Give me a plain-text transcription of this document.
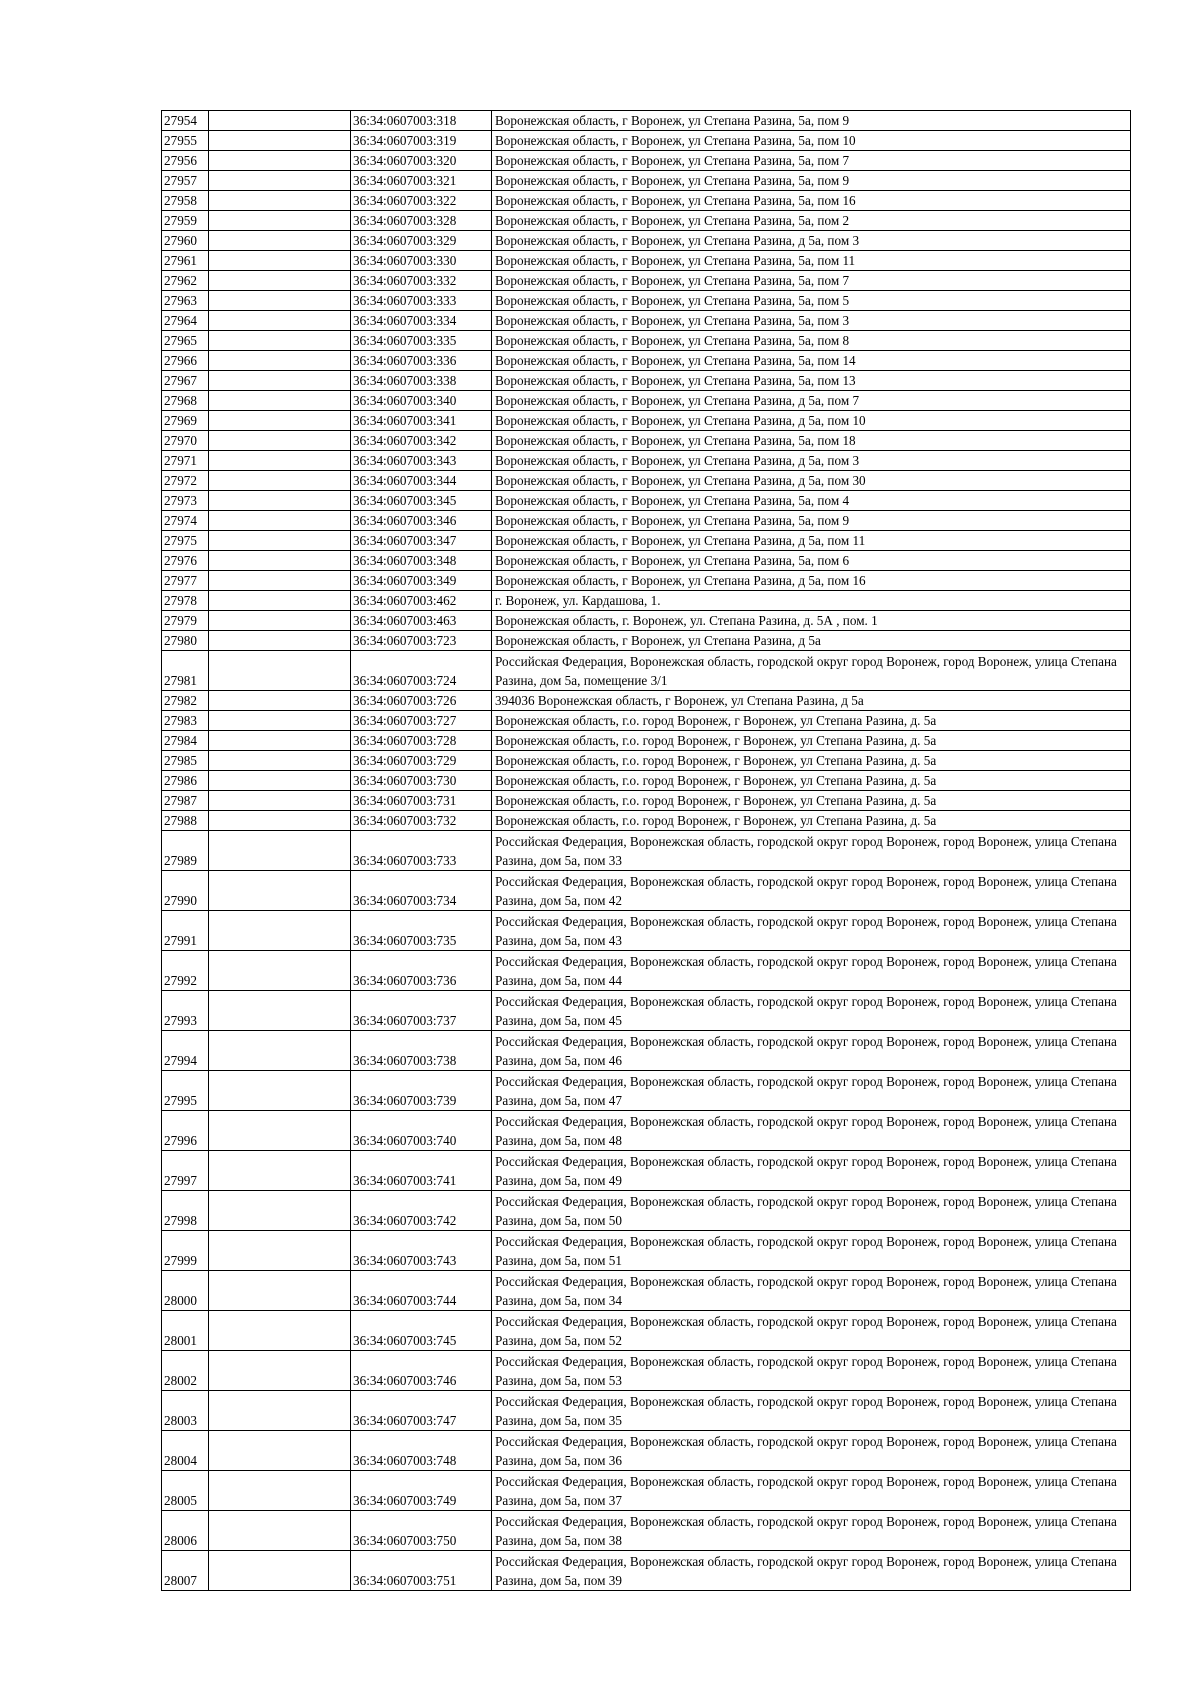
27954		36:34:0607003:318	Воронежская область, г Воронеж, ул Степана Разина, 5а, пом 9
27955		36:34:0607003:319	Воронежская область, г Воронеж, ул Степана Разина, 5а, пом 10
27956		36:34:0607003:320	Воронежская область, г Воронеж, ул Степана Разина, 5а, пом 7
27957		36:34:0607003:321	Воронежская область, г Воронеж, ул Степана Разина, 5а, пом 9
27958		36:34:0607003:322	Воронежская область, г Воронеж, ул Степана Разина, 5а, пом 16
27959		36:34:0607003:328	Воронежская область, г Воронеж, ул Степана Разина, 5а, пом 2
27960		36:34:0607003:329	Воронежская область, г Воронеж, ул Степана Разина, д 5а, пом 3
27961		36:34:0607003:330	Воронежская область, г Воронеж, ул Степана Разина, 5а, пом 11
27962		36:34:0607003:332	Воронежская область, г Воронеж, ул Степана Разина, 5а, пом 7
27963		36:34:0607003:333	Воронежская область, г Воронеж, ул Степана Разина, 5а, пом 5
27964		36:34:0607003:334	Воронежская область, г Воронеж, ул Степана Разина, 5а, пом 3
27965		36:34:0607003:335	Воронежская область, г Воронеж, ул Степана Разина, 5а, пом 8
27966		36:34:0607003:336	Воронежская область, г Воронеж, ул Степана Разина, 5а, пом 14
27967		36:34:0607003:338	Воронежская область, г Воронеж, ул Степана Разина, 5а, пом 13
27968		36:34:0607003:340	Воронежская область, г Воронеж, ул Степана Разина, д 5а, пом 7
27969		36:34:0607003:341	Воронежская область, г Воронеж, ул Степана Разина, д 5а, пом 10
27970		36:34:0607003:342	Воронежская область, г Воронеж, ул Степана Разина, 5а, пом 18
27971		36:34:0607003:343	Воронежская область, г Воронеж, ул Степана Разина, д 5а, пом 3
27972		36:34:0607003:344	Воронежская область, г Воронеж, ул Степана Разина, д 5а, пом 30
27973		36:34:0607003:345	Воронежская область, г Воронеж, ул Степана Разина, 5а, пом 4
27974		36:34:0607003:346	Воронежская область, г Воронеж, ул Степана Разина, 5а, пом 9
27975		36:34:0607003:347	Воронежская область, г Воронеж, ул Степана Разина, д 5а, пом 11
27976		36:34:0607003:348	Воронежская область, г Воронеж, ул Степана Разина, 5а, пом 6
27977		36:34:0607003:349	Воронежская область, г Воронеж, ул Степана Разина, д 5а, пом 16
27978		36:34:0607003:462	г. Воронеж, ул. Кардашова, 1.
27979		36:34:0607003:463	Воронежская область, г. Воронеж, ул. Степана Разина, д. 5А , пом. 1
27980		36:34:0607003:723	Воронежская область, г Воронеж, ул Степана Разина, д 5а
27981		36:34:0607003:724	Российская Федерация, Воронежская область, городской округ город Воронеж, город Воронеж, улица Степана Разина, дом 5а, помещение 3/1
27982		36:34:0607003:726	394036 Воронежская область, г Воронеж, ул Степана Разина, д 5а
27983		36:34:0607003:727	Воронежская область, г.о. город Воронеж, г Воронеж, ул Степана Разина, д. 5а
27984		36:34:0607003:728	Воронежская область, г.о. город Воронеж, г Воронеж, ул Степана Разина, д. 5а
27985		36:34:0607003:729	Воронежская область, г.о. город Воронеж, г Воронеж, ул Степана Разина, д. 5а
27986		36:34:0607003:730	Воронежская область, г.о. город Воронеж, г Воронеж, ул Степана Разина, д. 5а
27987		36:34:0607003:731	Воронежская область, г.о. город Воронеж, г Воронеж, ул Степана Разина, д. 5а
27988		36:34:0607003:732	Воронежская область, г.о. город Воронеж, г Воронеж, ул Степана Разина, д. 5а
27989		36:34:0607003:733	Российская Федерация, Воронежская область, городской округ город Воронеж, город Воронеж, улица Степана Разина, дом 5а, пом 33
27990		36:34:0607003:734	Российская Федерация, Воронежская область, городской округ город Воронеж, город Воронеж, улица Степана Разина, дом 5а, пом 42
27991		36:34:0607003:735	Российская Федерация, Воронежская область, городской округ город Воронеж, город Воронеж, улица Степана Разина, дом 5а, пом 43
27992		36:34:0607003:736	Российская Федерация, Воронежская область, городской округ город Воронеж, город Воронеж, улица Степана Разина, дом 5а, пом 44
27993		36:34:0607003:737	Российская Федерация, Воронежская область, городской округ город Воронеж, город Воронеж, улица Степана Разина, дом 5а, пом 45
27994		36:34:0607003:738	Российская Федерация, Воронежская область, городской округ город Воронеж, город Воронеж, улица Степана Разина, дом 5а, пом 46
27995		36:34:0607003:739	Российская Федерация, Воронежская область, городской округ город Воронеж, город Воронеж, улица Степана Разина, дом 5а, пом 47
27996		36:34:0607003:740	Российская Федерация, Воронежская область, городской округ город Воронеж, город Воронеж, улица Степана Разина, дом 5а, пом 48
27997		36:34:0607003:741	Российская Федерация, Воронежская область, городской округ город Воронеж, город Воронеж, улица Степана Разина, дом 5а, пом 49
27998		36:34:0607003:742	Российская Федерация, Воронежская область, городской округ город Воронеж, город Воронеж, улица Степана Разина, дом 5а, пом 50
27999		36:34:0607003:743	Российская Федерация, Воронежская область, городской округ город Воронеж, город Воронеж, улица Степана Разина, дом 5а, пом 51
28000		36:34:0607003:744	Российская Федерация, Воронежская область, городской округ город Воронеж, город Воронеж, улица Степана Разина, дом 5а, пом 34
28001		36:34:0607003:745	Российская Федерация, Воронежская область, городской округ город Воронеж, город Воронеж, улица Степана Разина, дом 5а, пом 52
28002		36:34:0607003:746	Российская Федерация, Воронежская область, городской округ город Воронеж, город Воронеж, улица Степана Разина, дом 5а, пом 53
28003		36:34:0607003:747	Российская Федерация, Воронежская область, городской округ город Воронеж, город Воронеж, улица Степана Разина, дом 5а, пом 35
28004		36:34:0607003:748	Российская Федерация, Воронежская область, городской округ город Воронеж, город Воронеж, улица Степана Разина, дом 5а, пом 36
28005		36:34:0607003:749	Российская Федерация, Воронежская область, городской округ город Воронеж, город Воронеж, улица Степана Разина, дом 5а, пом 37
28006		36:34:0607003:750	Российская Федерация, Воронежская область, городской округ город Воронеж, город Воронеж, улица Степана Разина, дом 5а, пом 38
28007		36:34:0607003:751	Российская Федерация, Воронежская область, городской округ город Воронеж, город Воронеж, улица Степана Разина, дом 5а, пом 39
